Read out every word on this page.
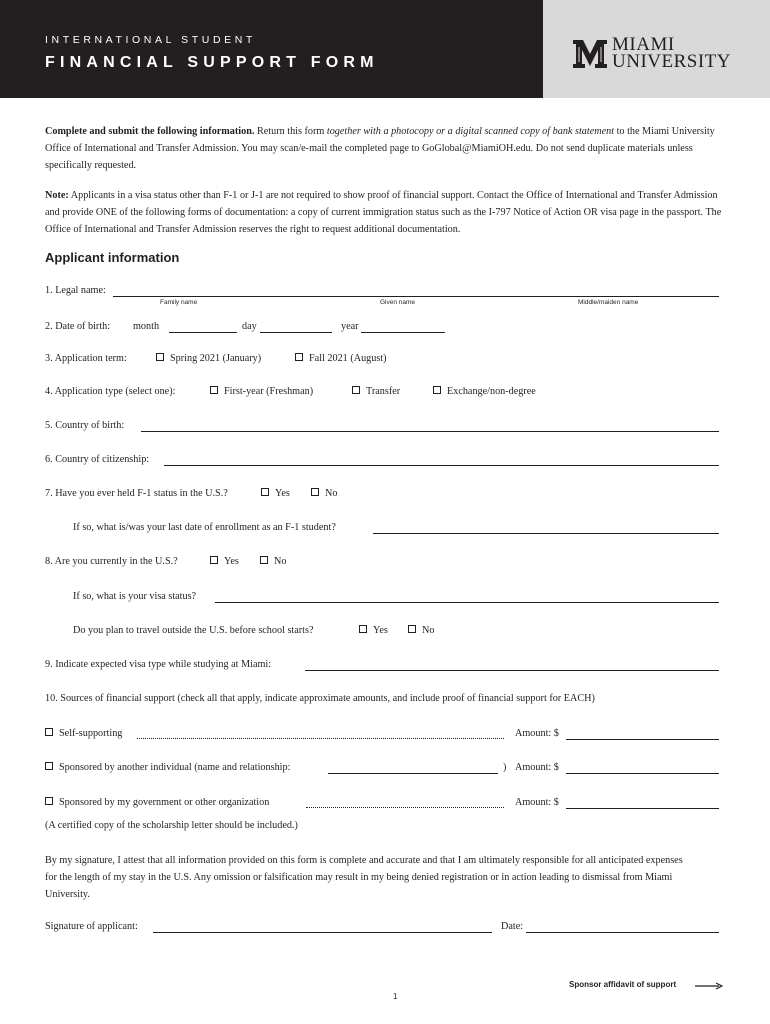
INTERNATIONAL STUDENT
FINANCIAL SUPPORT FORM
MIAMI
UNIVERSITY
Complete and submit the following information. Return this form together with a photocopy or a digital scanned copy of bank statement to the Miami University Office of International and Transfer Admission. You may scan/e-mail the completed page to GoGlobal@MiamiOH.edu. Do not send duplicate materials unless specifically requested.
Note: Applicants in a visa status other than F-1 or J-1 are not required to show proof of financial support. Contact the Office of International and Transfer Admission and provide ONE of the following forms of documentation: a copy of current immigration status such as the I-797 Notice of Action OR visa page in the passport. The Office of International and Transfer Admission reserves the right to request additional documentation.
Applicant information
1. Legal name:
Family name	Given name	Middle/maiden name
2. Date of birth: month	day	year
3. Application term:	Spring 2021 (January)	Fall 2021 (August)
4. Application type (select one):	First-year (Freshman)	Transfer	Exchange/non-degree
5. Country of birth:
6. Country of citizenship:
7. Have you ever held F-1 status in the U.S.?	Yes	No
If so, what is/was your last date of enrollment as an F-1 student?
8. Are you currently in the U.S.?	Yes	No
If so, what is your visa status?
Do you plan to travel outside the U.S. before school starts?	Yes	No
9. Indicate expected visa type while studying at Miami:
10. Sources of financial support (check all that apply, indicate approximate amounts, and include proof of financial support for EACH)
Self-supporting	Amount: $
Sponsored by another individual (name and relationship:	) Amount: $
Sponsored by my government or other organization	Amount: $
(A certified copy of the scholarship letter should be included.)
By my signature, I attest that all information provided on this form is complete and accurate and that I am ultimately responsible for all anticipated expenses for the length of my stay in the U.S. Any omission or falsification may result in my being denied registration or in action leading to dismissal from Miami University.
Signature of applicant:	Date:
Sponsor affidavit of support
1
